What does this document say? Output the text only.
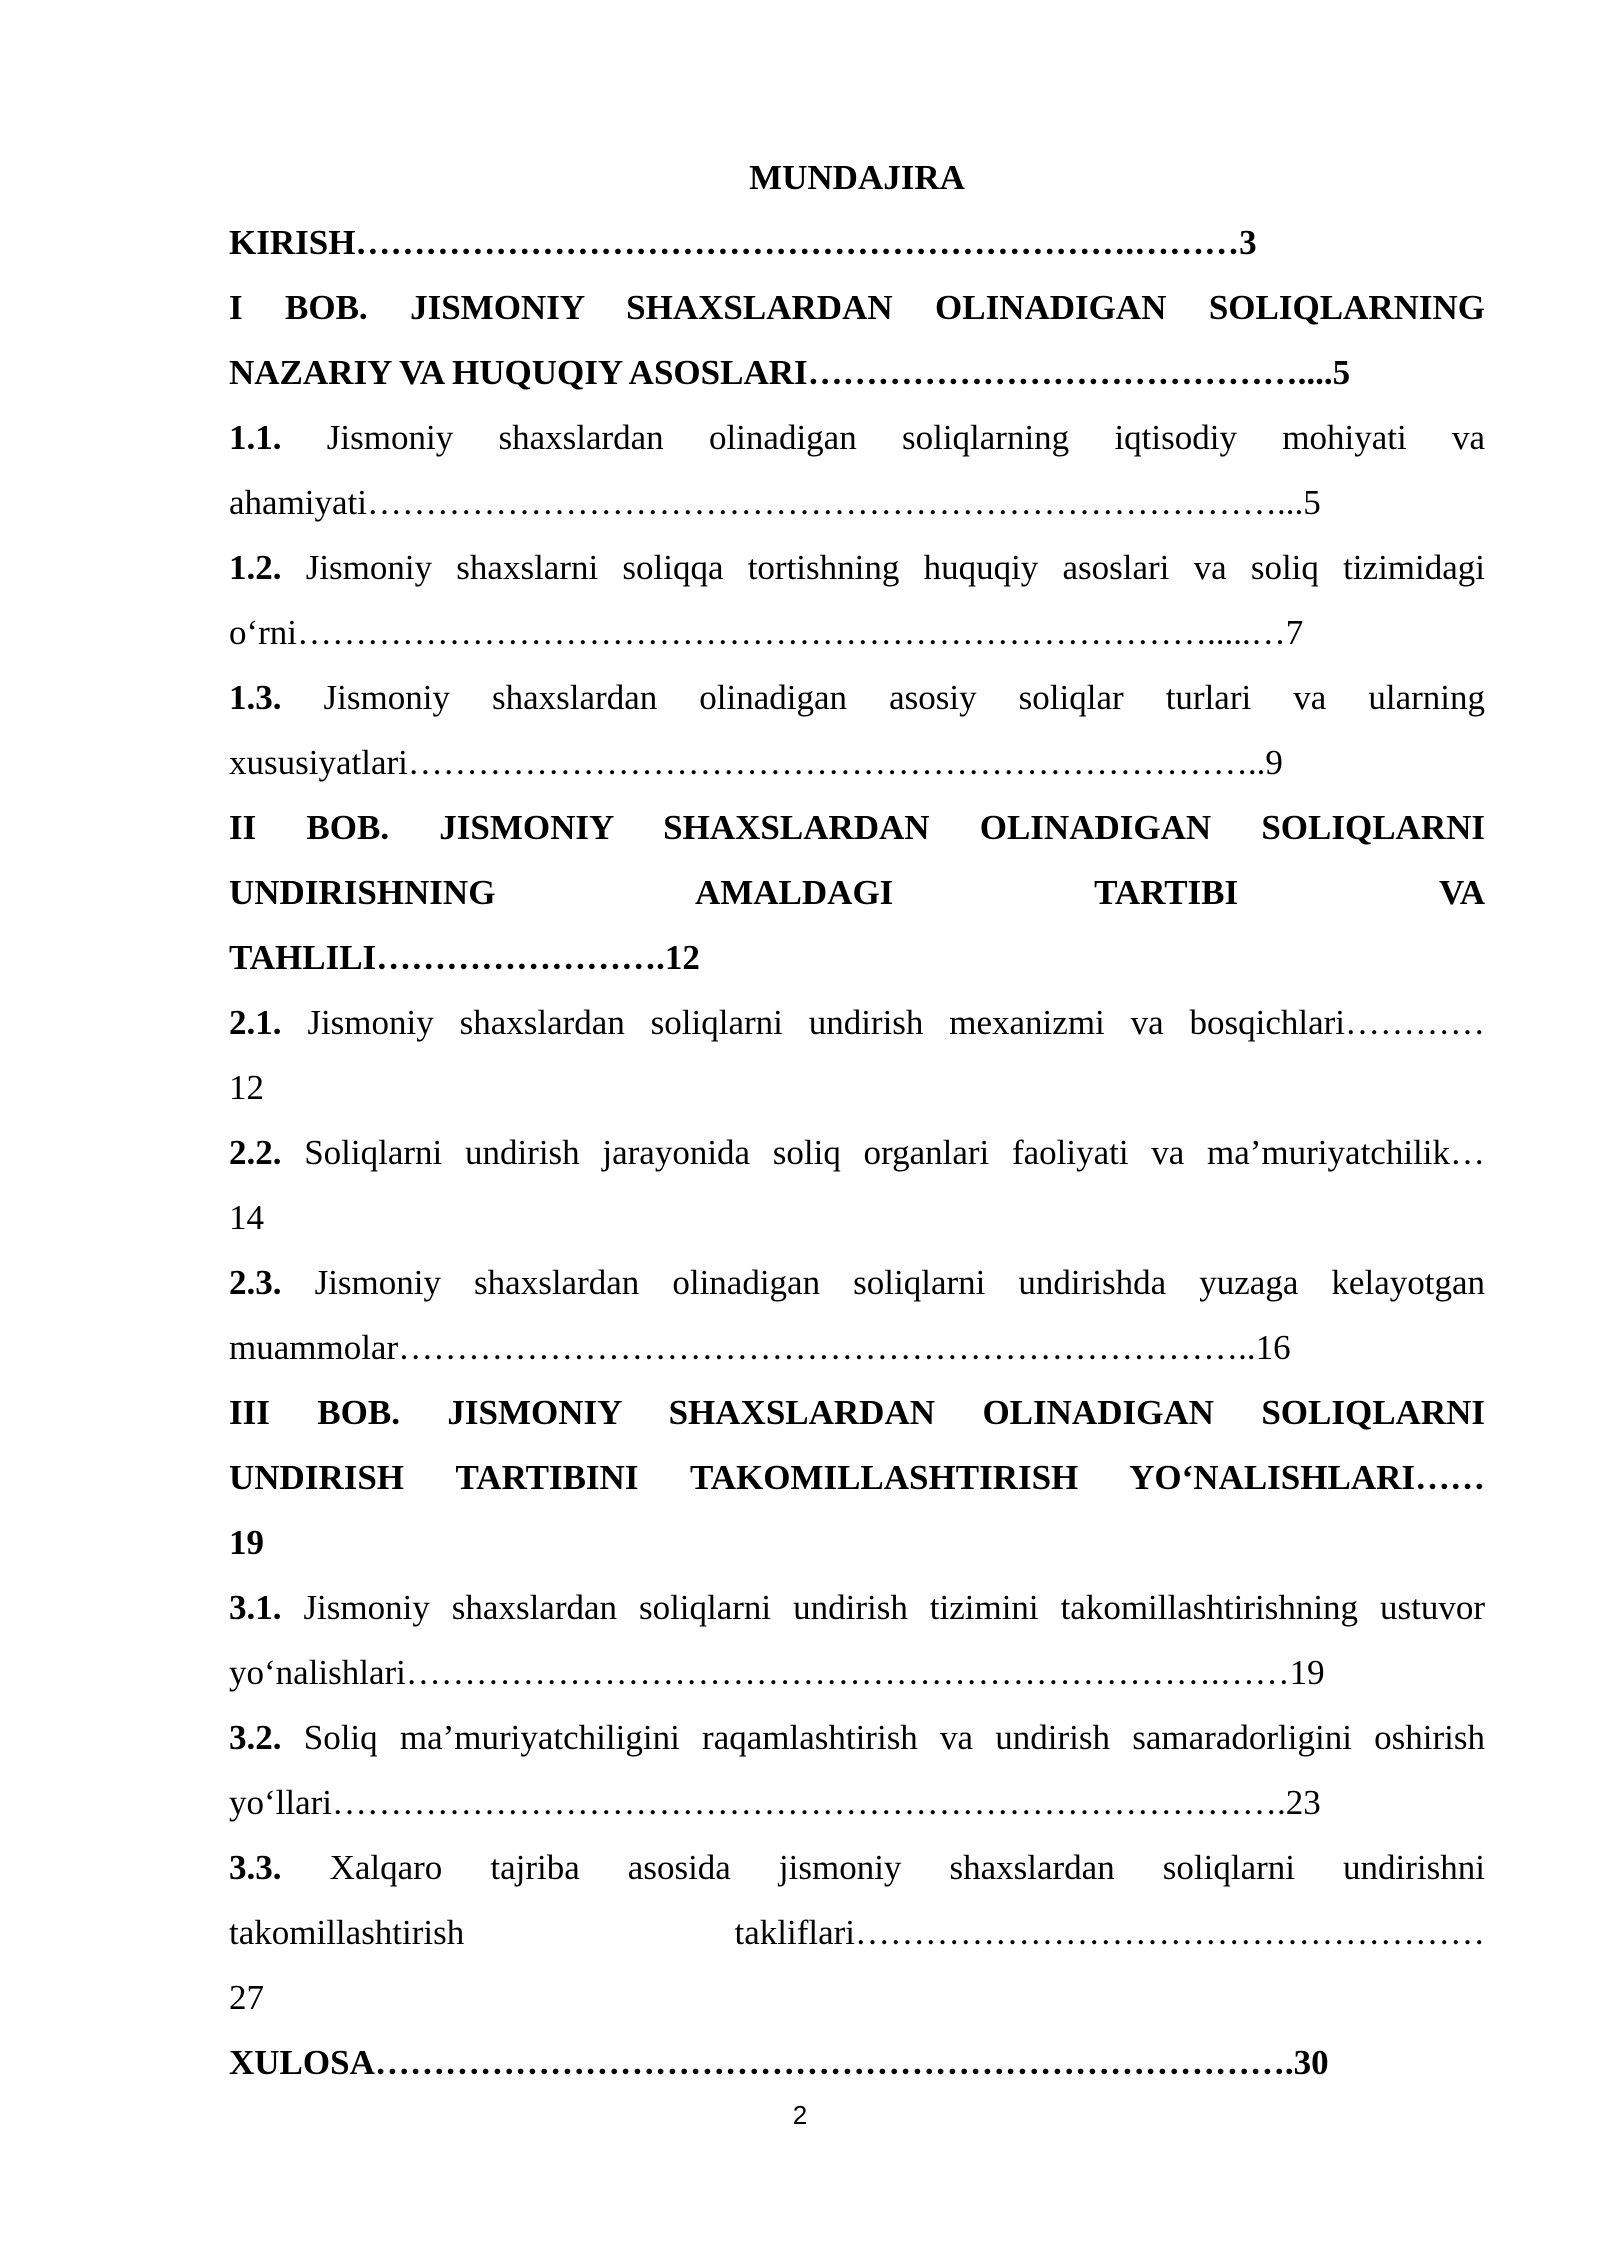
MUNDAJIRA

KIRISH………………………………………………………….………3

I BOB. JISMONIY SHAXSLARDAN OLINADIGAN SOLIQLARNING

NAZARIY VA HUQUQIY ASOSLARI……………………………………....5

1.1. Jismoniy shaxslardan olinadigan soliqlarning iqtisodiy mohiyati va

ahamiyati……………………………………………………………………...5

1.2. Jismoniy shaxslarni soliqqa tortishning huquqiy asoslari va soliq tizimidagi

o‘rni…………………………………………………………………….....…7

1.3. Jismoniy shaxslardan olinadigan asosiy soliqlar turlari va ularning

xususiyatlari………………………………………………………………..9

II BOB. JISMONIY SHAXSLARDAN OLINADIGAN SOLIQLARNI

UNDIRISHNING AMALDAGI TARTIBI VA

TAHLILI…………………….12

2.1. Jismoniy shaxslardan soliqlarni undirish mexanizmi va bosqichlari…………

12

2.2. Soliqlarni undirish jarayonida soliq organlari faoliyati va ma’muriyatchilik…

14

2.3. Jismoniy shaxslardan olinadigan soliqlarni undirishda yuzaga kelayotgan

muammolar………………………………………………………………..16

III BOB. JISMONIY SHAXSLARDAN OLINADIGAN SOLIQLARNI

UNDIRISH TARTIBINI TAKOMILLASHTIRISH YO‘NALISHLARI……

19

3.1. Jismoniy shaxslardan soliqlarni undirish tizimini takomillashtirishning ustuvor

yo‘nalishlari…………………………………………………………….……19

3.2. Soliq ma’muriyatchiligini raqamlashtirish va undirish samaradorligini oshirish

yo‘llari……………………………………………………………………….23

3.3. Xalqaro tajriba asosida jismoniy shaxslardan soliqlarni undirishni

takomillashtirish takliflari………………………………………………

27

XULOSA…………………………………………………………………….30

2
